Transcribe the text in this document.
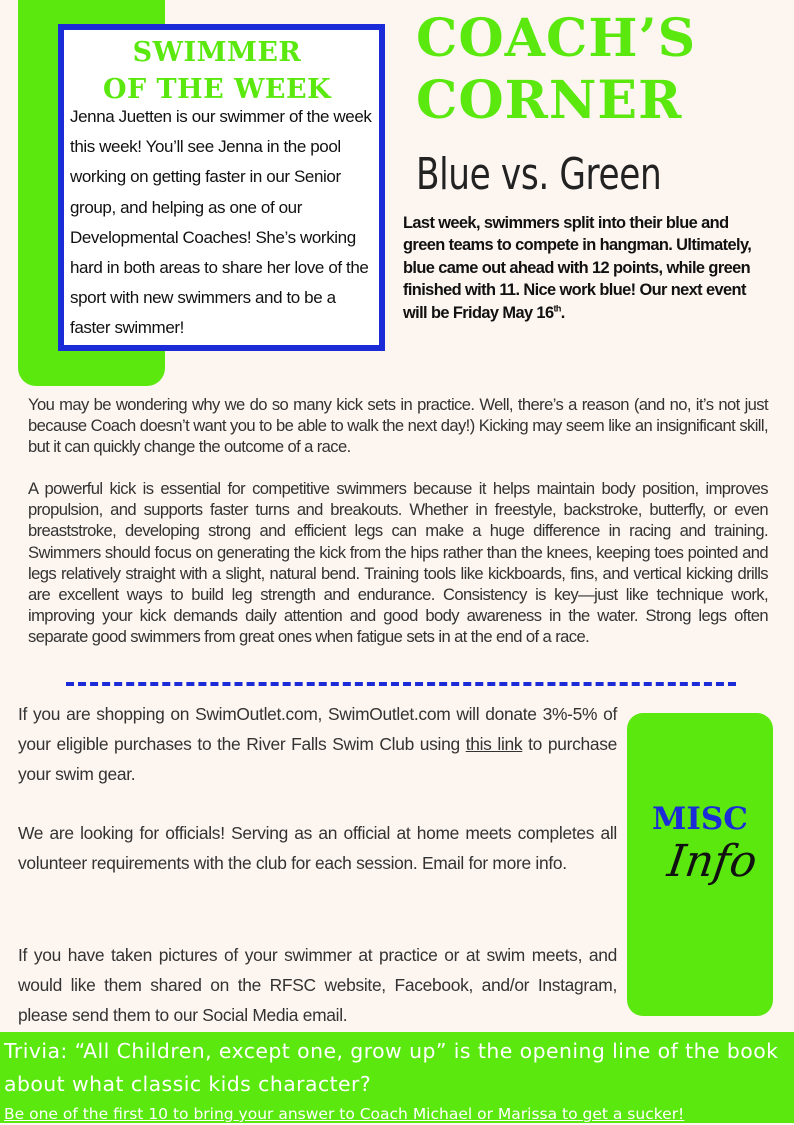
SWIMMER
OF THE WEEK
Jenna Juetten is our swimmer of the week this week! You’ll see Jenna in the pool working on getting faster in our Senior group, and helping as one of our Developmental Coaches! She’s working hard in both areas to share her love of the sport with new swimmers and to be a faster swimmer!
COACH’S
CORNER
Blue vs. Green
Last week, swimmers split into their blue and green teams to compete in hangman. Ultimately, blue came out ahead with 12 points, while green finished with 11. Nice work blue! Our next event will be Friday May 16th.
You may be wondering why we do so many kick sets in practice. Well, there’s a reason (and no, it’s not just because Coach doesn’t want you to be able to walk the next day!) Kicking may seem like an insignificant skill, but it can quickly change the outcome of a race.
A powerful kick is essential for competitive swimmers because it helps maintain body position, improves propulsion, and supports faster turns and breakouts. Whether in freestyle, backstroke, butterfly, or even breaststroke, developing strong and efficient legs can make a huge difference in racing and training. Swimmers should focus on generating the kick from the hips rather than the knees, keeping toes pointed and legs relatively straight with a slight, natural bend. Training tools like kickboards, fins, and vertical kicking drills are excellent ways to build leg strength and endurance. Consistency is key—just like technique work, improving your kick demands daily attention and good body awareness in the water. Strong legs often separate good swimmers from great ones when fatigue sets in at the end of a race.
If you are shopping on SwimOutlet.com, SwimOutlet.com will donate 3%-5% of your eligible purchases to the River Falls Swim Club using this link to purchase your swim gear.
We are looking for officials! Serving as an official at home meets completes all volunteer requirements with the club for each session. Email for more info.
If you have taken pictures of your swimmer at practice or at swim meets, and would like them shared on the RFSC website, Facebook, and/or Instagram, please send them to our Social Media email.
MISC
Info
Trivia: “All Children, except one, grow up” is the opening line of the book about what classic kids character?
Be one of the first 10 to bring your answer to Coach Michael or Marissa to get a sucker!
